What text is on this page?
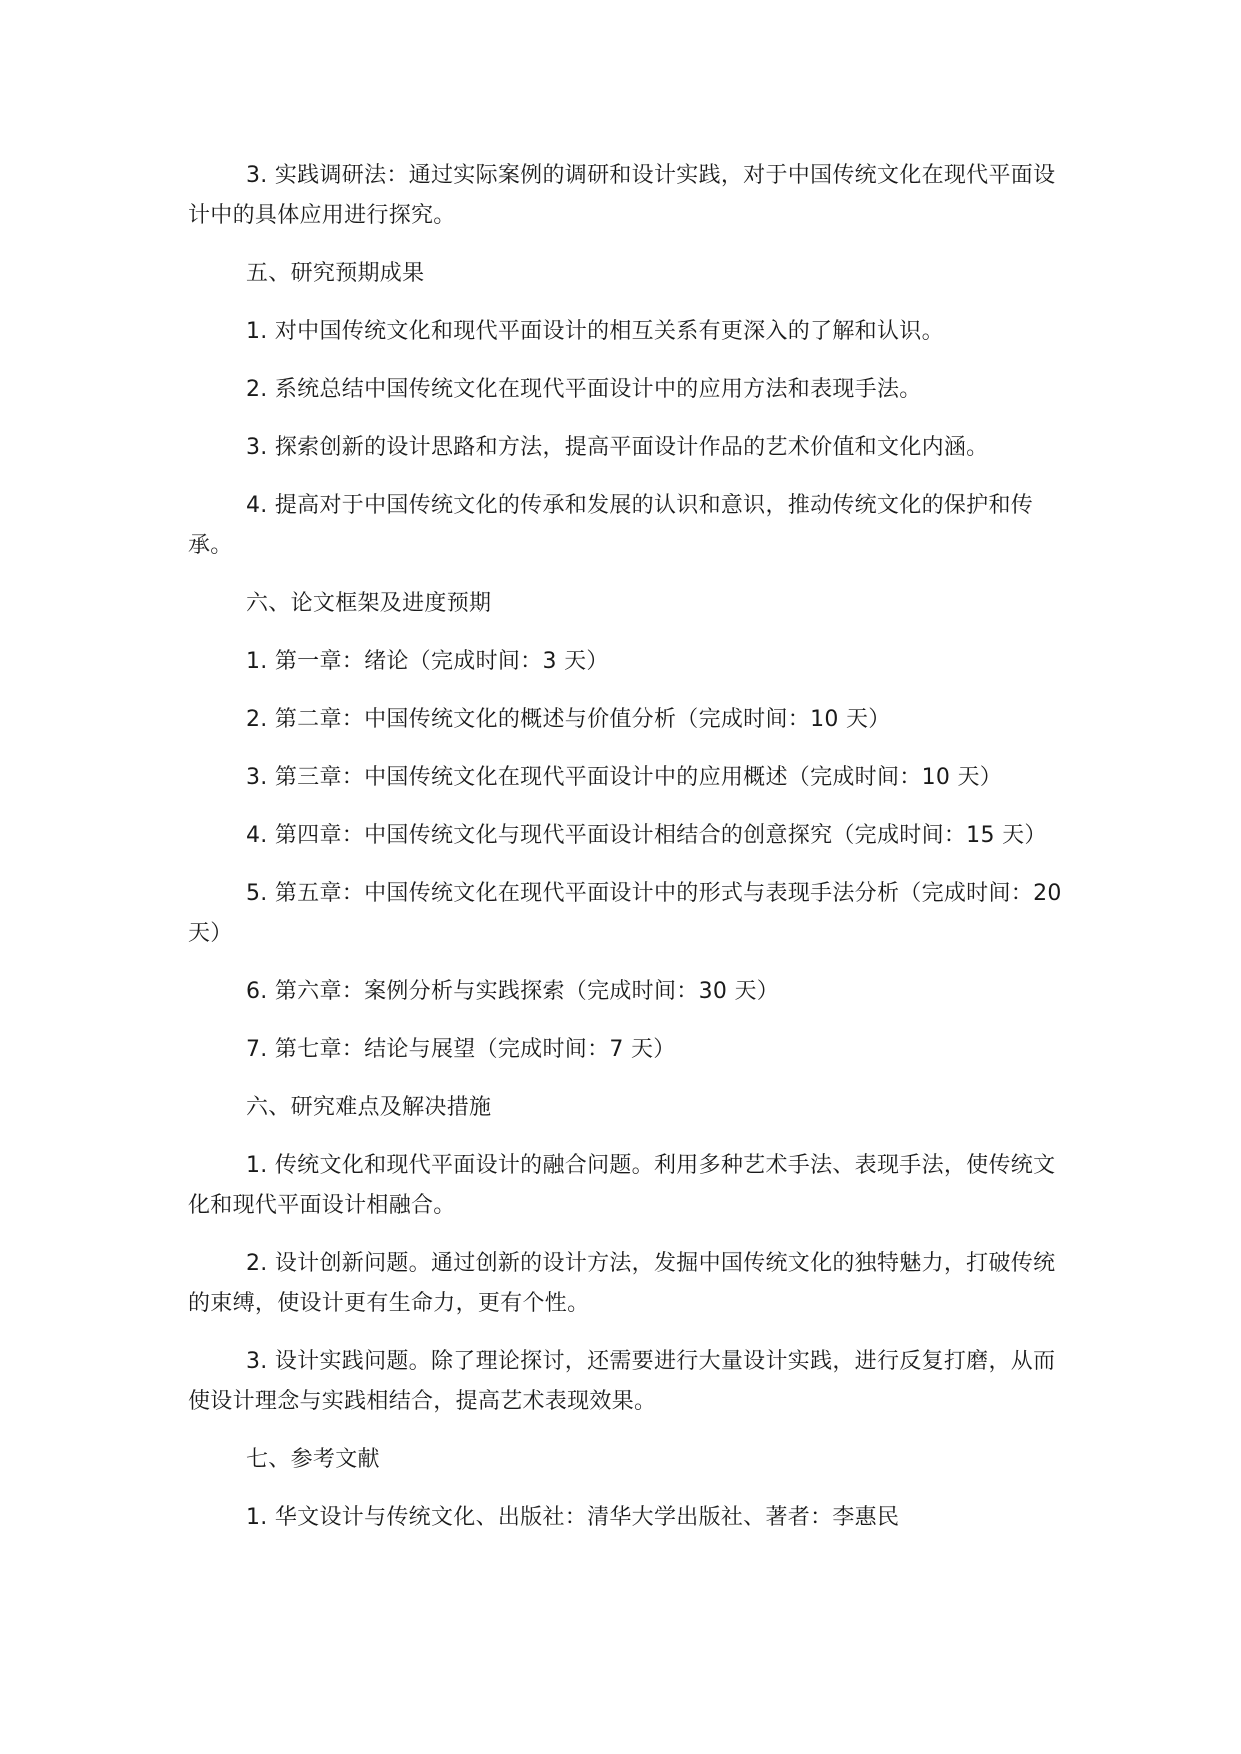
3. 实践调研法：通过实际案例的调研和设计实践，对于中国传统文化在现代平面设计中的具体应用进行探究。

五、研究预期成果

1. 对中国传统文化和现代平面设计的相互关系有更深入的了解和认识。

2. 系统总结中国传统文化在现代平面设计中的应用方法和表现手法。

3. 探索创新的设计思路和方法，提高平面设计作品的艺术价值和文化内涵。

4. 提高对于中国传统文化的传承和发展的认识和意识，推动传统文化的保护和传承。

六、论文框架及进度预期

1. 第一章：绪论（完成时间：3 天）

2. 第二章：中国传统文化的概述与价值分析（完成时间：10 天）

3. 第三章：中国传统文化在现代平面设计中的应用概述（完成时间：10 天）

4. 第四章：中国传统文化与现代平面设计相结合的创意探究（完成时间：15 天）

5. 第五章：中国传统文化在现代平面设计中的形式与表现手法分析（完成时间：20 天）

6. 第六章：案例分析与实践探索（完成时间：30 天）

7. 第七章：结论与展望（完成时间：7 天）

六、研究难点及解决措施

1. 传统文化和现代平面设计的融合问题。利用多种艺术手法、表现手法，使传统文化和现代平面设计相融合。

2. 设计创新问题。通过创新的设计方法，发掘中国传统文化的独特魅力，打破传统的束缚，使设计更有生命力，更有个性。

3. 设计实践问题。除了理论探讨，还需要进行大量设计实践，进行反复打磨，从而使设计理念与实践相结合，提高艺术表现效果。

七、参考文献

1. 华文设计与传统文化、出版社：清华大学出版社、著者：李惠民
